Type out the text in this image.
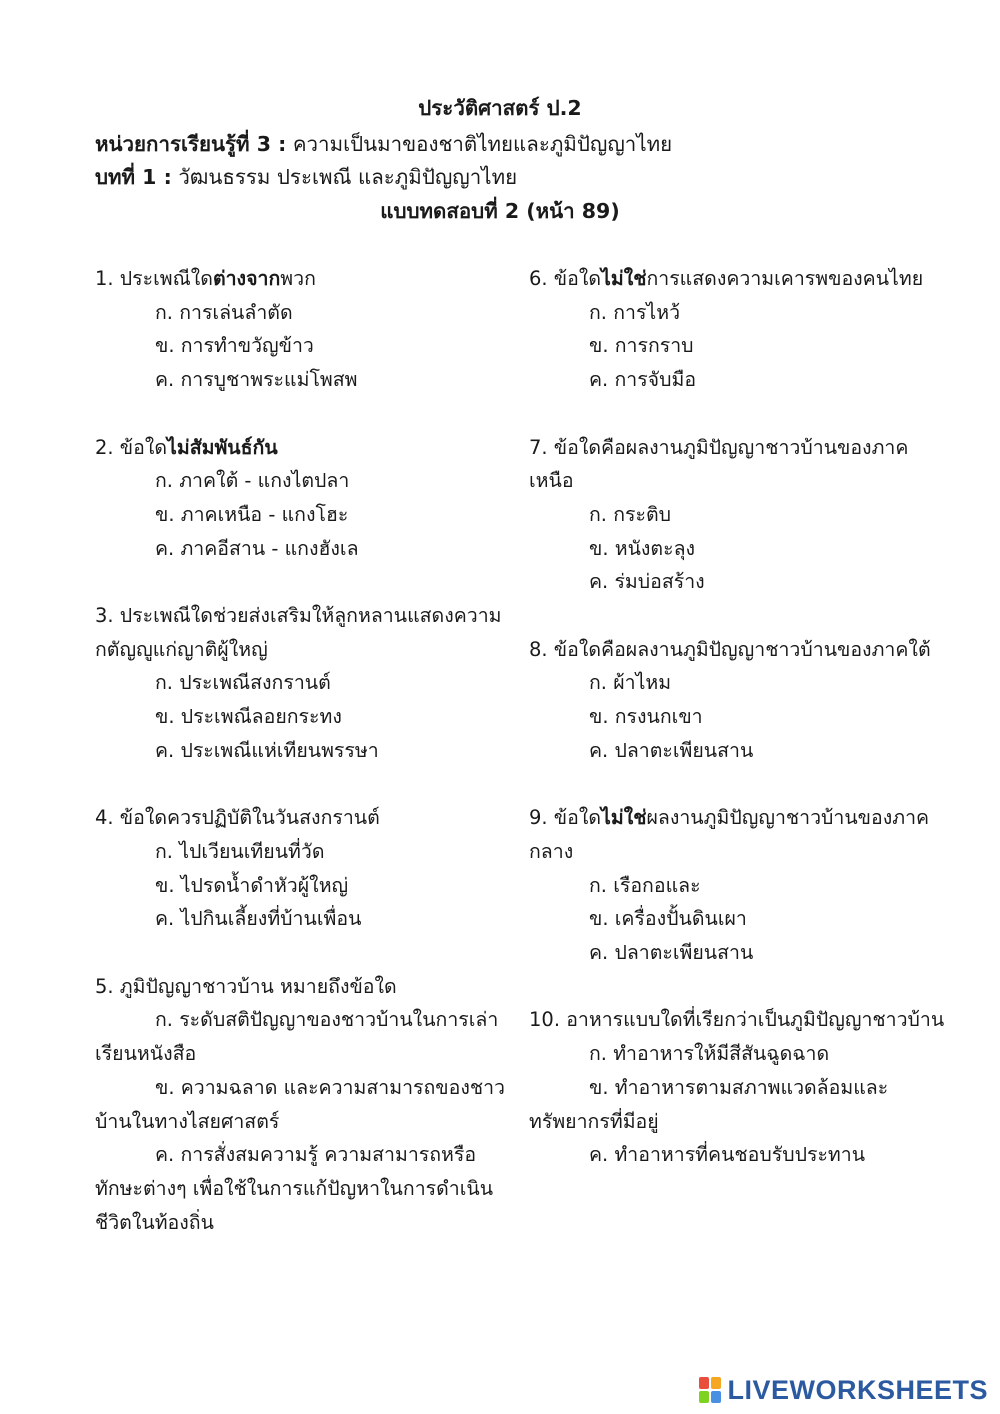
ประวัติศาสตร์ ป.2
หน่วยการเรียนรู้ที่ 3 : ความเป็นมาของชาติไทยและภูมิปัญญาไทย
บทที่ 1 : วัฒนธรรม ประเพณี และภูมิปัญญาไทย
แบบทดสอบที่ 2 (หน้า 89)
1. ประเพณีใดต่างจากพวก
ก. การเล่นลำตัด
ข. การทำขวัญข้าว
ค. การบูชาพระแม่โพสพ
2. ข้อใดไม่สัมพันธ์กัน
ก. ภาคใต้ - แกงไตปลา
ข. ภาคเหนือ - แกงโฮะ
ค. ภาคอีสาน - แกงฮังเล
3. ประเพณีใดช่วยส่งเสริมให้ลูกหลานแสดงความกตัญญูแก่ญาติผู้ใหญ่
ก. ประเพณีสงกรานต์
ข. ประเพณีลอยกระทง
ค. ประเพณีแห่เทียนพรรษา
4. ข้อใดควรปฏิบัติในวันสงกรานต์
ก. ไปเวียนเทียนที่วัด
ข. ไปรดน้ำดำหัวผู้ใหญ่
ค. ไปกินเลี้ยงที่บ้านเพื่อน
5. ภูมิปัญญาชาวบ้าน หมายถึงข้อใด
ก. ระดับสติปัญญาของชาวบ้านในการเล่าเรียนหนังสือ
ข. ความฉลาด และความสามารถของชาวบ้านในทางไสยศาสตร์
ค. การสั่งสมความรู้ ความสามารถหรือทักษะต่างๆ เพื่อใช้ในการแก้ปัญหาในการดำเนินชีวิตในท้องถิ่น
6. ข้อใดไม่ใช่การแสดงความเคารพของคนไทย
ก. การไหว้
ข. การกราบ
ค. การจับมือ
7. ข้อใดคือผลงานภูมิปัญญาชาวบ้านของภาคเหนือ
ก. กระติบ
ข. หนังตะลุง
ค. ร่มบ่อสร้าง
8. ข้อใดคือผลงานภูมิปัญญาชาวบ้านของภาคใต้
ก. ผ้าไหม
ข. กรงนกเขา
ค. ปลาตะเพียนสาน
9. ข้อใดไม่ใช่ผลงานภูมิปัญญาชาวบ้านของภาคกลาง
ก. เรือกอและ
ข. เครื่องปั้นดินเผา
ค. ปลาตะเพียนสาน
10. อาหารแบบใดที่เรียกว่าเป็นภูมิปัญญาชาวบ้าน
ก. ทำอาหารให้มีสีสันฉูดฉาด
ข. ทำอาหารตามสภาพแวดล้อมและทรัพยากรที่มีอยู่
ค. ทำอาหารที่คนชอบรับประทาน
LIVEWORKSHEETS
